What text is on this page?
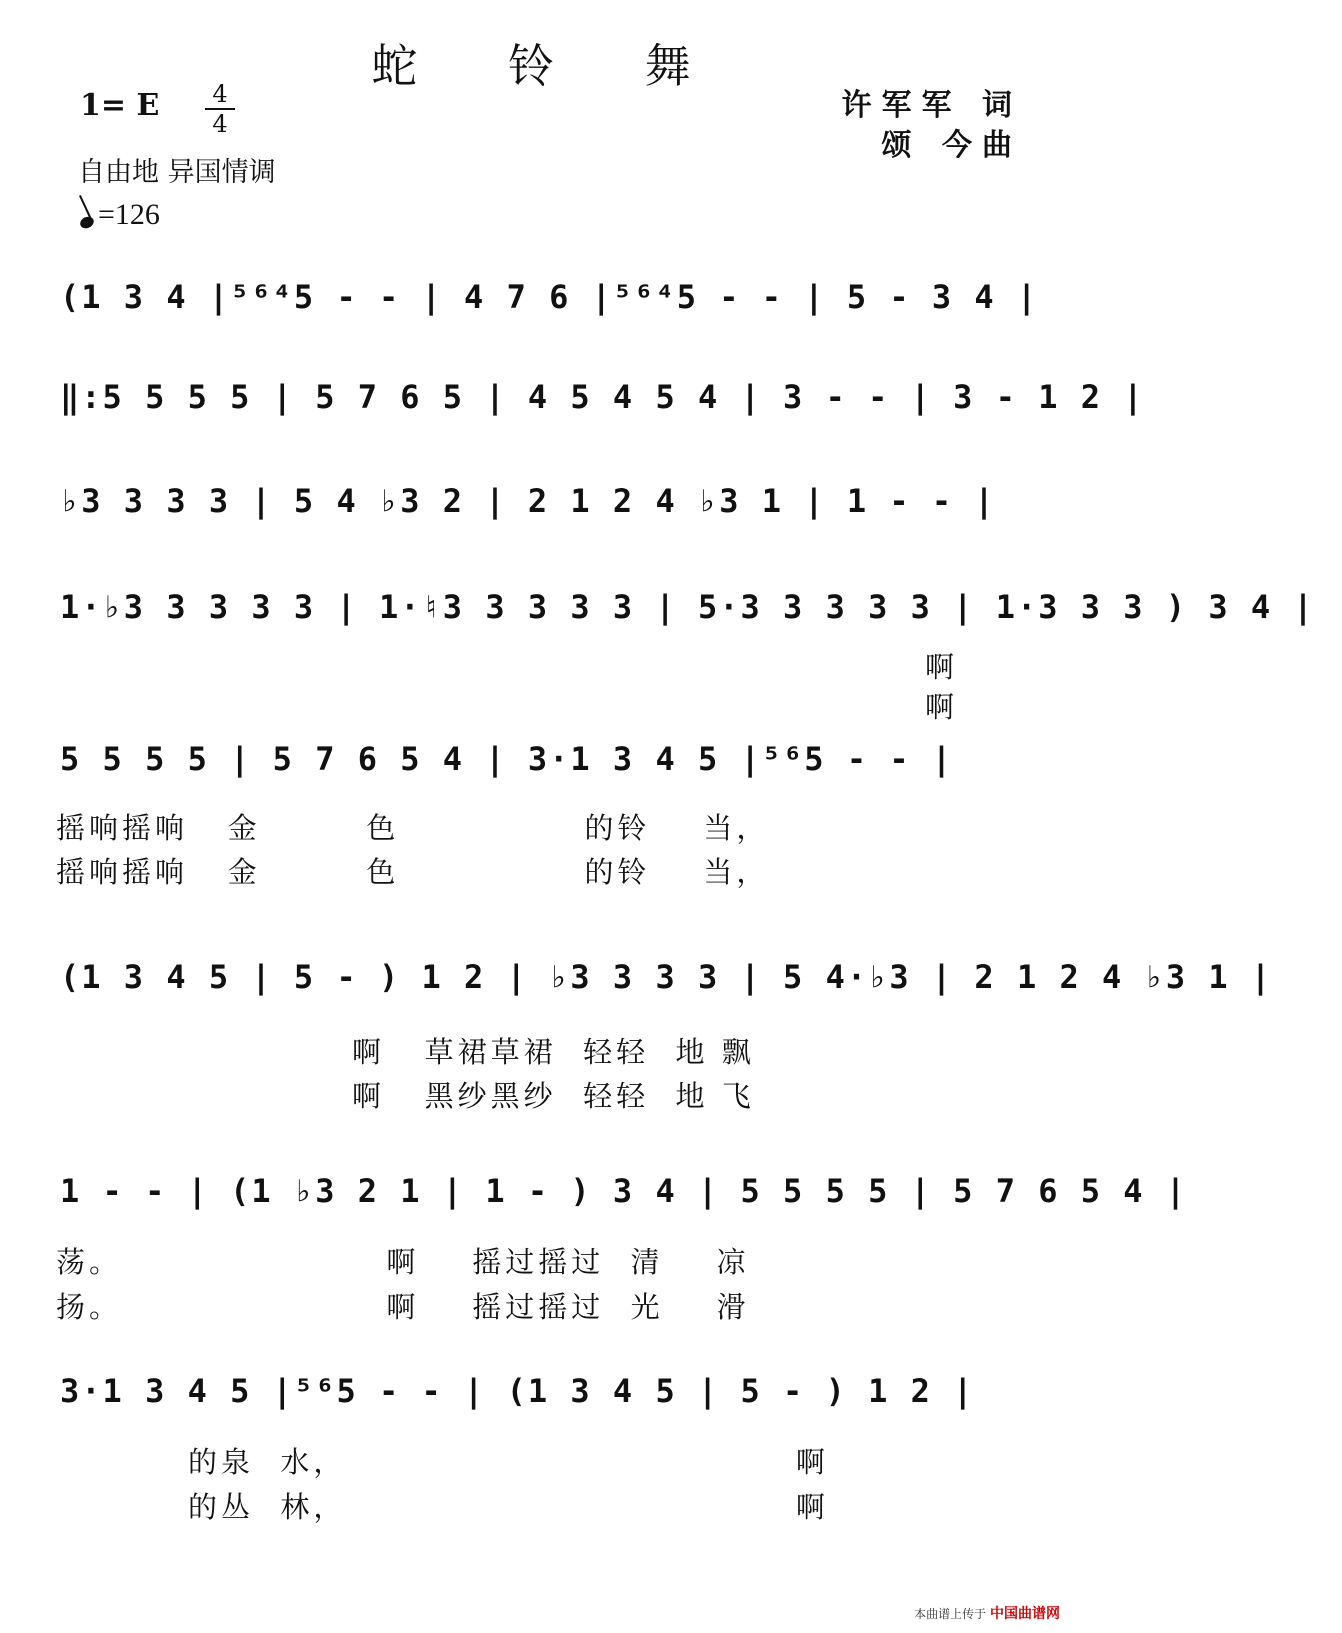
蛇 铃 舞
许军军 词
颂 今曲
1= E	4
4
自由地 异国情调
=126
(1 3 4 |⁵⁶⁴5 - - | 4 7 6 |⁵⁶⁴5 - - | 5 - 3 4 |
‖:5 5 5 5 | 5 7 6 5 | 4 5 4 5 4 | 3 - - | 3 - 1 2 |
♭3 3 3 3 | 5 4 ♭3 2 | 2 1 2 4 ♭3 1 | 1 - - |
1·♭3 3 3 3 3 | 1·♮3 3 3 3 3 | 5·3 3 3 3 3 | 1·3 3 3 ) 3 4 |
啊
啊
5 5 5 5 | 5 7 6 5 4 | 3·1 3 4 5 |⁵⁶5 - - |
摇响摇响   金        色              的铃    当，
摇响摇响   金        色              的铃    当，
(1 3 4 5 | 5 - ) 1 2 | ♭3 3 3 3 | 5 4·♭3 | 2 1 2 4 ♭3 1 |
啊   草裙草裙  轻轻  地 飘
啊   黑纱黑纱  轻轻  地 飞
1 - - | (1 ♭3 2 1 | 1 - ) 3 4 | 5 5 5 5 | 5 7 6 5 4 |
荡。                    啊    摇过摇过  清    凉
扬。                    啊    摇过摇过  光    滑
3·1 3 4 5 |⁵⁶5 - - | (1 3 4 5 | 5 - ) 1 2 |
的泉  水，                                  啊
的丛  林，                                  啊
本曲谱上传于 中国曲谱网
